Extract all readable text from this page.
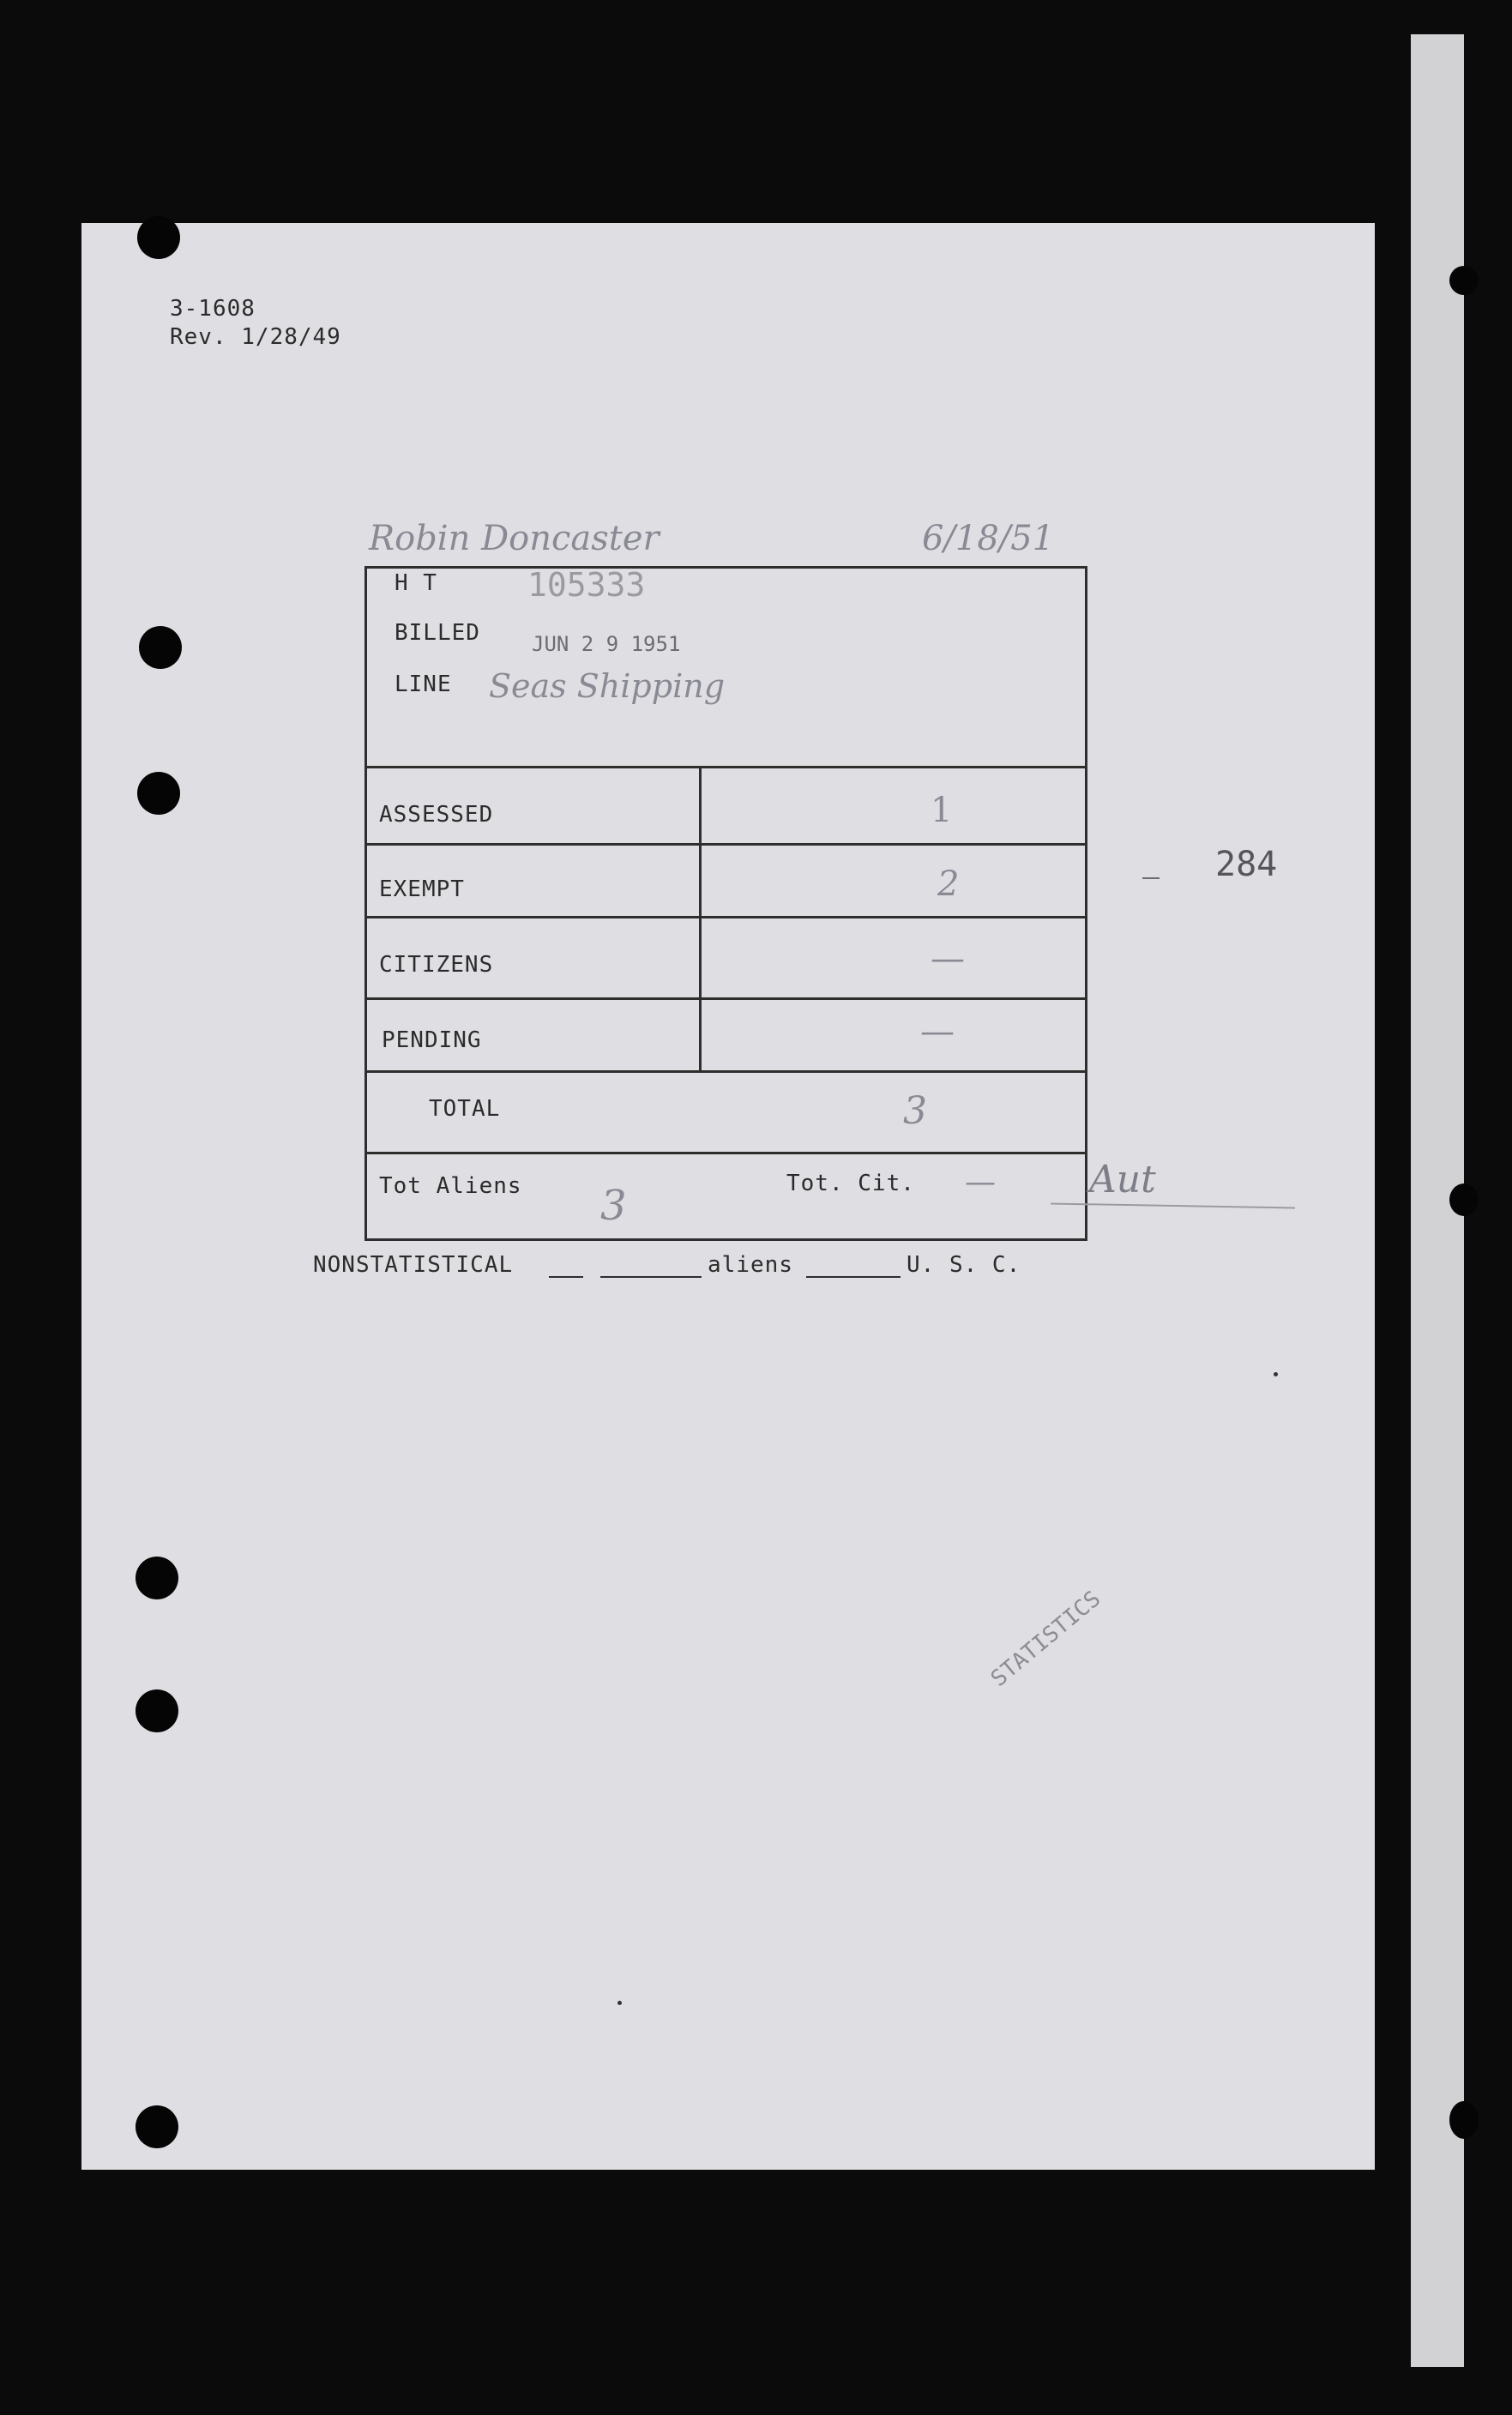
3-1608
Rev. 1/28/49
Robin Doncaster	6/18/51
H T	105333
BILLED	JUN 2 9 1951
LINE Seas Shipping
ASSESSED	1
EXEMPT	2
CITIZENS	—
PENDING	—
TOTAL	3
Tot Aliens 3	Tot. Cit. — Aut
NONSTATISTICAL	aliens	U. S. C.
284
STATISTICS
